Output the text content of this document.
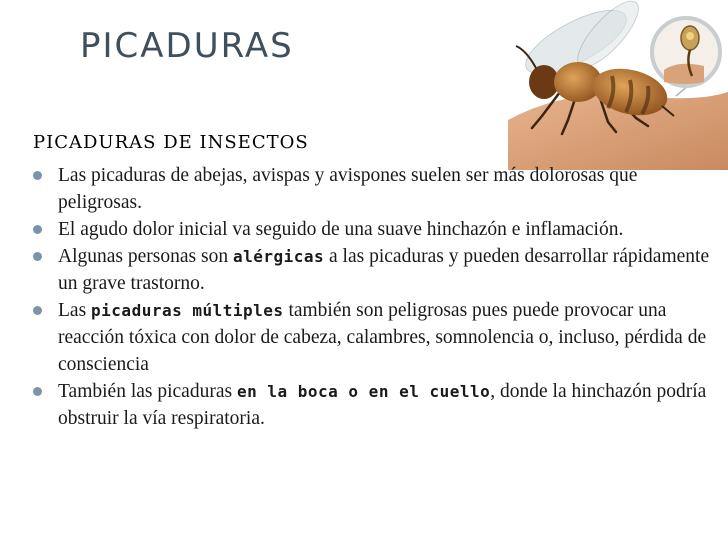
PICADURAS
PICADURAS DE INSECTOS
Las picaduras de abejas, avispas y avispones suelen ser más dolorosas que peligrosas.
El agudo dolor inicial va seguido de una suave hinchazón e inflamación.
Algunas personas son alérgicas a las picaduras y pueden desarrollar rápidamente un grave trastorno.
Las picaduras múltiples también son peligrosas pues puede provocar una reacción tóxica con dolor de cabeza, calambres, somnolencia o, incluso, pérdida de consciencia
También las picaduras en la boca o en el cuello, donde la hinchazón podría obstruir la vía respiratoria.
